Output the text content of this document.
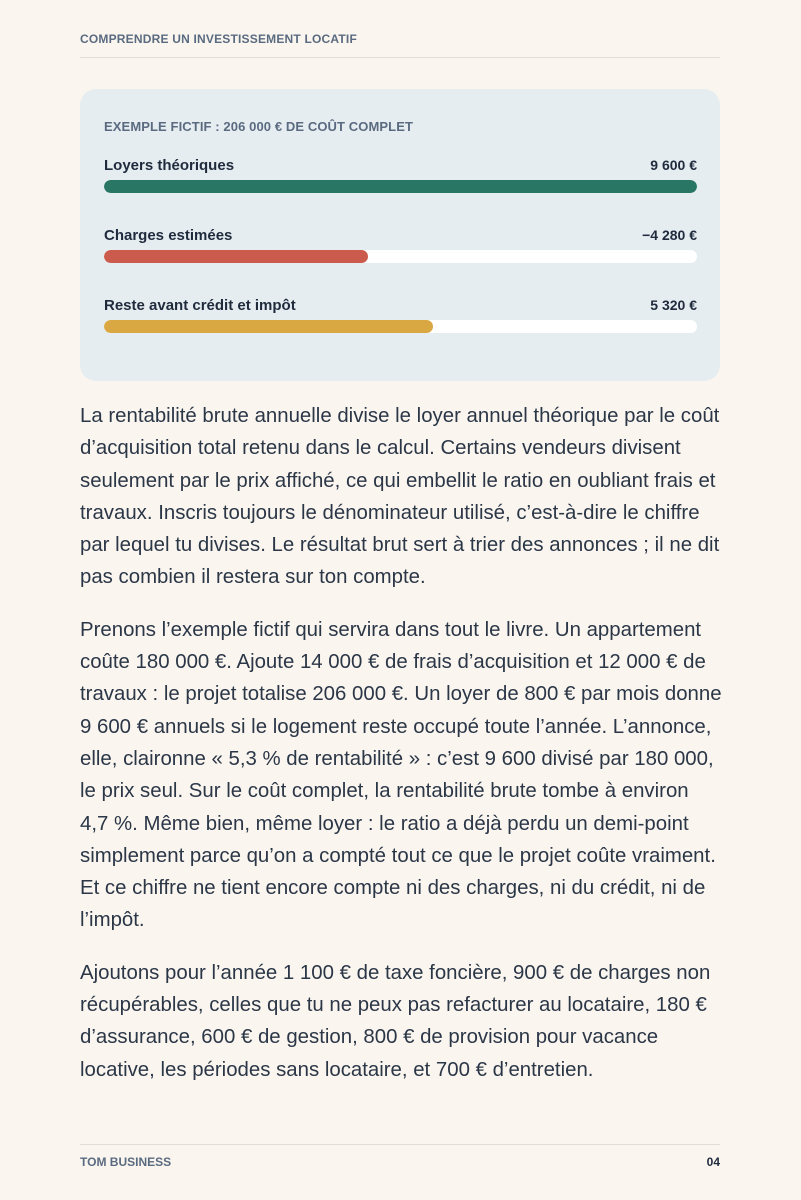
COMPRENDRE UN INVESTISSEMENT LOCATIF
EXEMPLE FICTIF : 206 000 € DE COÛT COMPLET
Loyers théoriques	9 600 €
Charges estimées	−4 280 €
Reste avant crédit et impôt	5 320 €

La rentabilité brute annuelle divise le loyer annuel théorique par le coût d’acquisition total retenu dans le calcul. Certains vendeurs divisent seulement par le prix affiché, ce qui embellit le ratio en oubliant frais et travaux. Inscris toujours le dénominateur utilisé, c’est-à-dire le chiffre par lequel tu divises. Le résultat brut sert à trier des annonces ; il ne dit pas combien il restera sur ton compte.

Prenons l’exemple fictif qui servira dans tout le livre. Un appartement coûte 180 000 €. Ajoute 14 000 € de frais d’acquisition et 12 000 € de travaux : le projet totalise 206 000 €. Un loyer de 800 € par mois donne 9 600 € annuels si le logement reste occupé toute l’année. L’annonce, elle, claironne « 5,3 % de rentabilité » : c’est 9 600 divisé par 180 000, le prix seul. Sur le coût complet, la rentabilité brute tombe à environ 4,7 %. Même bien, même loyer : le ratio a déjà perdu un demi-point simplement parce qu’on a compté tout ce que le projet coûte vraiment. Et ce chiffre ne tient encore compte ni des charges, ni du crédit, ni de l’impôt.

Ajoutons pour l’année 1 100 € de taxe foncière, 900 € de charges non récupérables, celles que tu ne peux pas refacturer au locataire, 180 € d’assurance, 600 € de gestion, 800 € de provision pour vacance locative, les périodes sans locataire, et 700 € d’entretien.

TOM BUSINESS	04
